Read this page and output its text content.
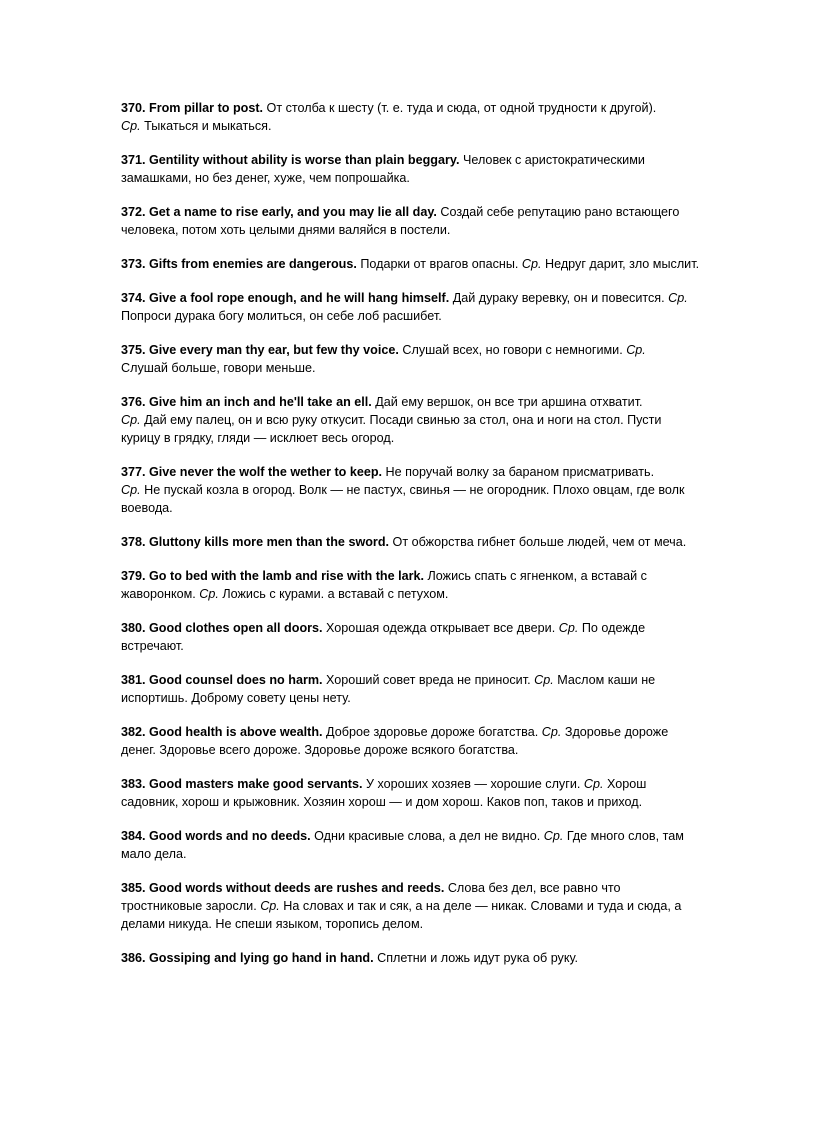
370. From pillar to post. От столба к шесту (т. е. туда и сюда, от одной трудности к другой).
Ср. Тыкаться и мыкаться.

371. Gentility without ability is worse than plain beggary. Человек с аристократическими замашками, но без денег, хуже, чем попрошайка.

372. Get a name to rise early, and you may lie all day. Создай себе репутацию рано встающего человека, потом хоть целыми днями валяйся в постели.

373. Gifts from enemies are dangerous. Подарки от врагов опасны. Ср. Недруг дарит, зло мыслит.

374. Give a fool rope enough, and he will hang himself. Дай дураку веревку, он и повесится. Ср. Попроси дурака богу молиться, он себе лоб расшибет.

375. Give every man thy ear, but few thy voice. Слушай всех, но говори с немногими. Ср.
Слушай больше, говори меньше.

376. Give him an inch and he'll take an ell. Дай ему вершок, он все три аршина отхватит.
Ср. Дай ему палец, он и всю руку откусит. Посади свинью за стол, она и ноги на стол. Пусти курицу в грядку, гляди — исклюет весь огород.

377. Give never the wolf the wether to keep. Не поручай волку за бараном присматривать.
Ср. Не пускай козла в огород. Волк — не пастух, свинья — не огородник. Плохо овцам, где волк воевода.

378. Gluttony kills more men than the sword. От обжорства гибнет больше людей, чем от меча.

379. Go to bed with the lamb and rise with the lark. Ложись спать с ягненком, а вставай с жаворонком. Ср. Ложись с курами. а вставай с петухом.

380. Good clothes open all doors. Хорошая одежда открывает все двери. Ср. По одежде встречают.

381. Good counsel does no harm. Хороший совет вреда не приносит. Ср. Маслом каши не испортишь. Доброму совету цены нету.

382. Good health is above wealth. Доброе здоровье дороже богатства. Ср. Здоровье дороже денег. Здоровье всего дороже. Здоровье дороже всякого богатства.

383. Good masters make good servants. У хороших хозяев — хорошие слуги. Ср. Хорош садовник, хорош и крыжовник. Хозяин хорош — и дом хорош. Каков поп, таков и приход.

384. Good words and no deeds. Одни красивые слова, а дел не видно. Ср. Где много слов, там мало дела.

385. Good words without deeds are rushes and reeds. Слова без дел, все равно что тростниковые заросли. Ср. На словах и так и сяк, а на деле — никак. Словами и туда и сюда, а делами никуда. Не спеши языком, торопись делом.

386. Gossiping and lying go hand in hand. Сплетни и ложь идут рука об руку.
